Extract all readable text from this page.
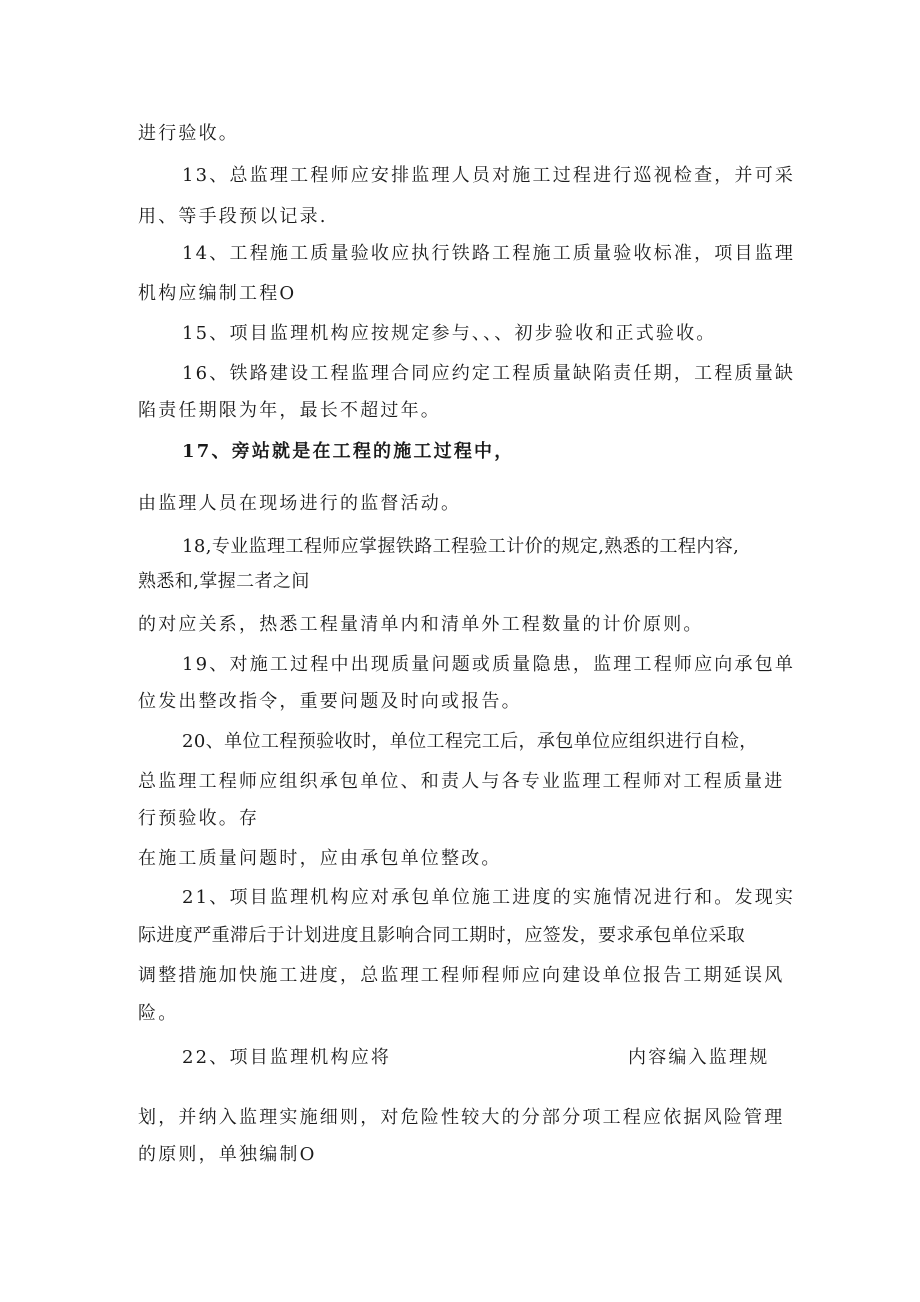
进行验收。
13、总监理工程师应安排监理人员对施工过程进行巡视检查，并可采
用、等手段预以记录.
14、工程施工质量验收应执行铁路工程施工质量验收标准，项目监理
机构应编制工程O
15、项目监理机构应按规定参与、、、初步验收和正式验收。
16、铁路建设工程监理合同应约定工程质量缺陷责任期，工程质量缺
陷责任期限为年，最长不超过年。
17、旁站就是在工程的施工过程中，
由监理人员在现场进行的监督活动。
18,专业监理工程师应掌握铁路工程验工计价的规定,熟悉的工程内容,
熟悉和,掌握二者之间
的对应关系，热悉工程量清单内和清单外工程数量的计价原则。
19、对施工过程中出现质量问题或质量隐患，监理工程师应向承包单
位发出整改指令，重要问题及时向或报告。
20、单位工程预验收时，单位工程完工后，承包单位应组织进行自检，
总监理工程师应组织承包单位、和责人与各专业监理工程师对工程质量进
行预验收。存
在施工质量问题时，应由承包单位整改。
21、项目监理机构应对承包单位施工进度的实施情况进行和。发现实
际进度严重滞后于计划进度且影响合同工期时，应签发，要求承包单位采取
调整措施加快施工进度，总监理工程师程师应向建设单位报告工期延误风
险。
22、项目监理机构应将	内容编入监理规
划，并纳入监理实施细则，对危险性较大的分部分项工程应依据风险管理
的原则，单独编制O
